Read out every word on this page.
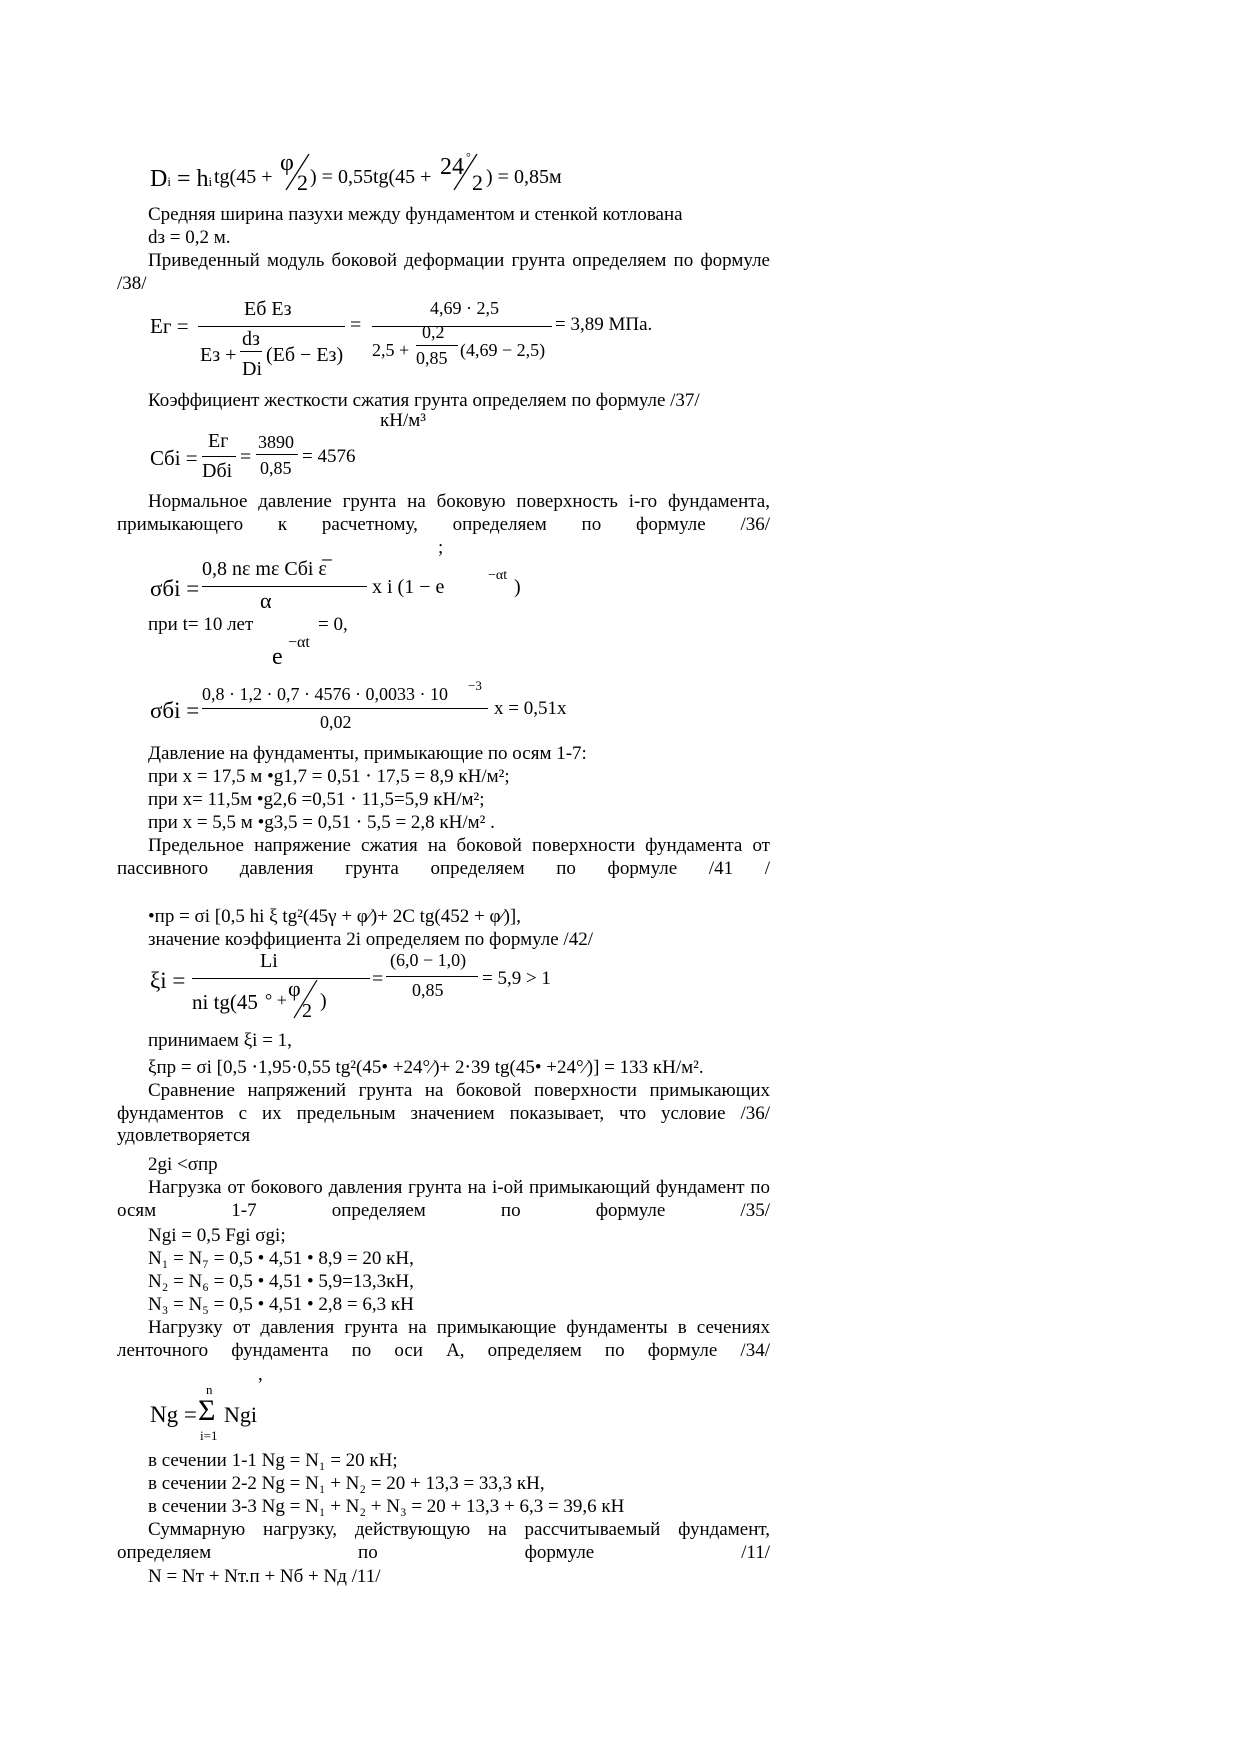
Di = hi tg(45 +
φ
2 ) = 0,55tg(45 + 24 °
2 ) = 0,85м
Средняя ширина пазухи между фундаментом и стенкой котлована
dз = 0,2 м.
Приведенный модуль боковой деформации грунта определяем по формуле /38/
Eг =
Eб Eз
Eз +
dз
Di
(Eб − Eз)
=
4,69 · 2,5
2,5 +
0,2
0,85 (4,69 − 2,5)
= 3,89 МПа.
Коэффициент жесткости сжатия грунта определяем по формуле /37/
кН/м³
Cбi =
Eг
Dбi
=
3890
0,85
= 4576
Нормальное давление грунта на боковую поверхность i-го фундамента, примыкающего к расчетному, определяем по формуле /36/
;
σбi =
0,8 nε mε Cбi ε̅
α
x i (1 − e
−αt
)
при t= 10 лет	= 0,
e
−αt
σбi =
0,8 · 1,2 · 0,7 · 4576 · 0,0033 · 10 −3
0,02
x = 0,51x
Давление на фундаменты, примыкающие по осям 1-7:
при х = 17,5 м •g1,7 = 0,51 ⋅ 17,5 = 8,9 кН/м²;
при х= 11,5м •g2,6 =0,51 ⋅ 11,5=5,9 кН/м²;
при х = 5,5 м •g3,5 = 0,51 ⋅ 5,5 = 2,8 кН/м² .
Предельное напряжение сжатия на боковой поверхности фундамента от пассивного давления грунта определяем по формуле /41 /
•пр = σi [0,5 hi ξ tg²(45γ + φ⁄)+ 2C tg(452 + φ⁄)],
значение коэффициента 2i определяем по формуле /42/
ξi =
Li
ni tg(45 ° + φ
2 )
=
(6,0 − 1,0)
0,85
= 5,9 > 1
принимаем ξi = 1,
ξпр = σi [0,5 ⋅1,95·0,55 tg²(45• +24°⁄)+ 2⋅39 tg(45• +24°⁄)] = 133 кН/м².
Сравнение напряжений грунта на боковой поверхности примыкающих фундаментов с их предельным значением показывает, что условие /36/ удовлетворяется
2gi <σпр
Нагрузка от бокового давления грунта на i-ой примыкающий фундамент по осям 1-7 определяем по формуле /35/
Ngi = 0,5 Fgi σgi;
N₁ = N₇ = 0,5 • 4,51 • 8,9 = 20 кН,
N₂ = N₆ = 0,5 • 4,51 • 5,9=13,3кН,
N₃ = N₅ = 0,5 • 4,51 • 2,8 = 6,3 кН
Нагрузку от давления грунта на примыкающие фундаменты в сечениях ленточного фундамента по оси А, определяем по формуле /34/
,
Ng =
n
Σ
i=1
Ngi
в сечении 1-1 Ng = N₁ = 20 кН;
в сечении 2-2 Ng = N₁ + N₂ = 20 + 13,3 = 33,3 кН,
в сечении 3-3 Ng = N₁ + N₂ + N₃ = 20 + 13,3 + 6,3 = 39,6 кН
Суммарную нагрузку, действующую на рассчитываемый фундамент, определяем по формуле /11/
N = Nт + Nт.п + Nб + Nд /11/
